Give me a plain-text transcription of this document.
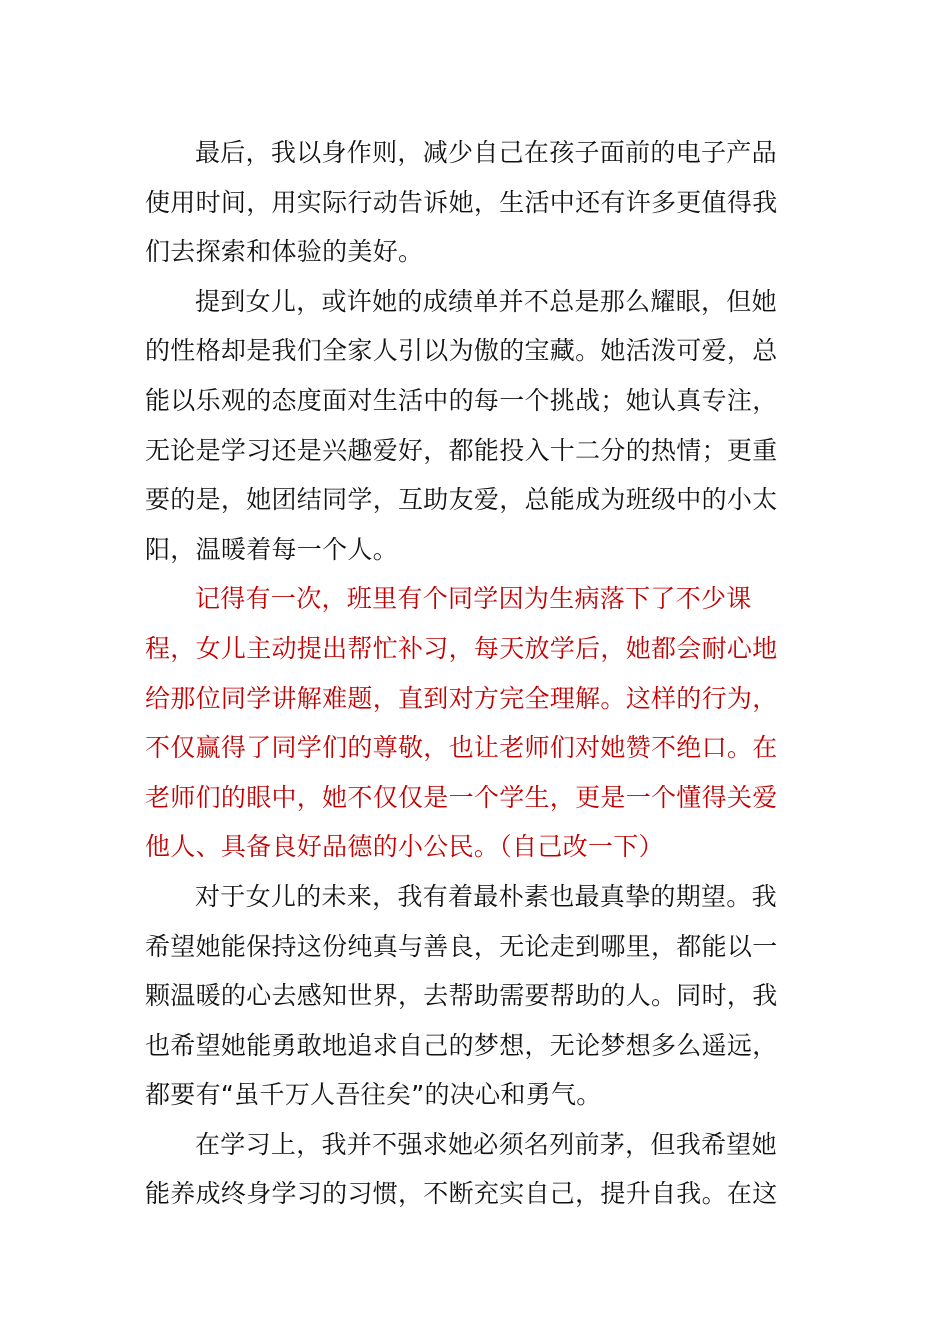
最后，我以身作则，减少自己在孩子面前的电子产品
使用时间，用实际行动告诉她，生活中还有许多更值得我
们去探索和体验的美好。

提到女儿，或许她的成绩单并不总是那么耀眼，但她
的性格却是我们全家人引以为傲的宝藏。她活泼可爱，总
能以乐观的态度面对生活中的每一个挑战；她认真专注，
无论是学习还是兴趣爱好，都能投入十二分的热情；更重
要的是，她团结同学，互助友爱，总能成为班级中的小太
阳，温暖着每一个人。

记得有一次，班里有个同学因为生病落下了不少课
程，女儿主动提出帮忙补习，每天放学后，她都会耐心地
给那位同学讲解难题，直到对方完全理解。这样的行为，
不仅赢得了同学们的尊敬，也让老师们对她赞不绝口。在
老师们的眼中，她不仅仅是一个学生，更是一个懂得关爱
他人、具备良好品德的小公民。（自己改一下）

对于女儿的未来，我有着最朴素也最真挚的期望。我
希望她能保持这份纯真与善良，无论走到哪里，都能以一
颗温暖的心去感知世界，去帮助需要帮助的人。同时，我
也希望她能勇敢地追求自己的梦想，无论梦想多么遥远，
都要有“虽千万人吾往矣”的决心和勇气。

在学习上，我并不强求她必须名列前茅，但我希望她
能养成终身学习的习惯，不断充实自己，提升自我。在这
